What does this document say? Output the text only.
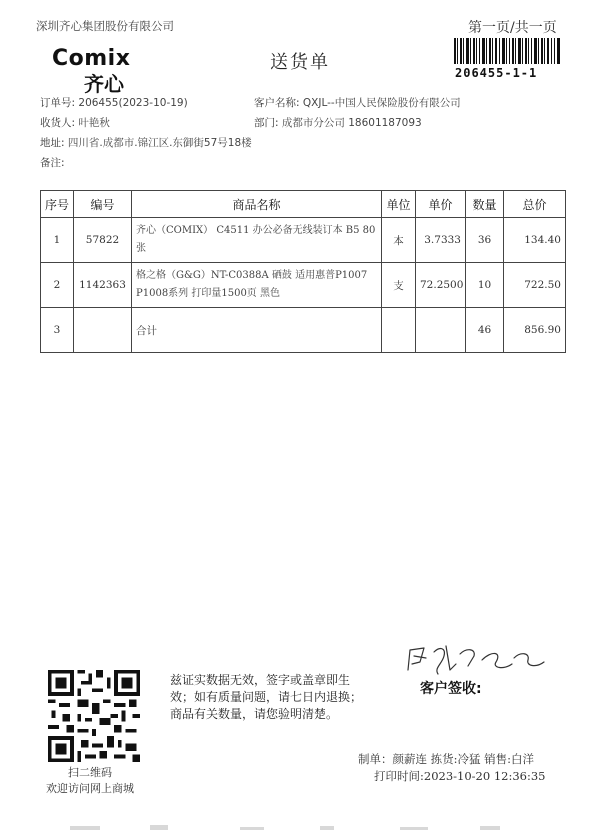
深圳齐心集团股份有限公司	第一页/共一页
206455-1-1
Comix
齐心
送货单
订单号: 206455(2023-10-19)	客户名称: QXJL--中国人民保险股份有限公司
收货人: 叶艳秋	部门: 成都市分公司 18601187093
地址: 四川省.成都市.锦江区.东御街57号18楼
备注:
序号	编号	商品名称	单位	单价	数量	总价
1	57822	齐心（COMIX） C4511 办公必备无线装订本 B5 80张	本	3.7333	36	134.40
2	1142363	格之格（G&G）NT-C0388A 硒鼓 适用惠普P1007 P1008系列 打印量1500页 黑色	支	72.2500	10	722.50
3		合计			46	856.90
扫二维码
欢迎访问网上商城
兹证实数据无效，签字或盖章即生效；如有质量问题，请七日内退换；商品有关数量，请您验明清楚。
客户签收:
制单：颜薪连 拣货:冷猛 销售:白洋
打印时间:2023-10-20 12:36:35
